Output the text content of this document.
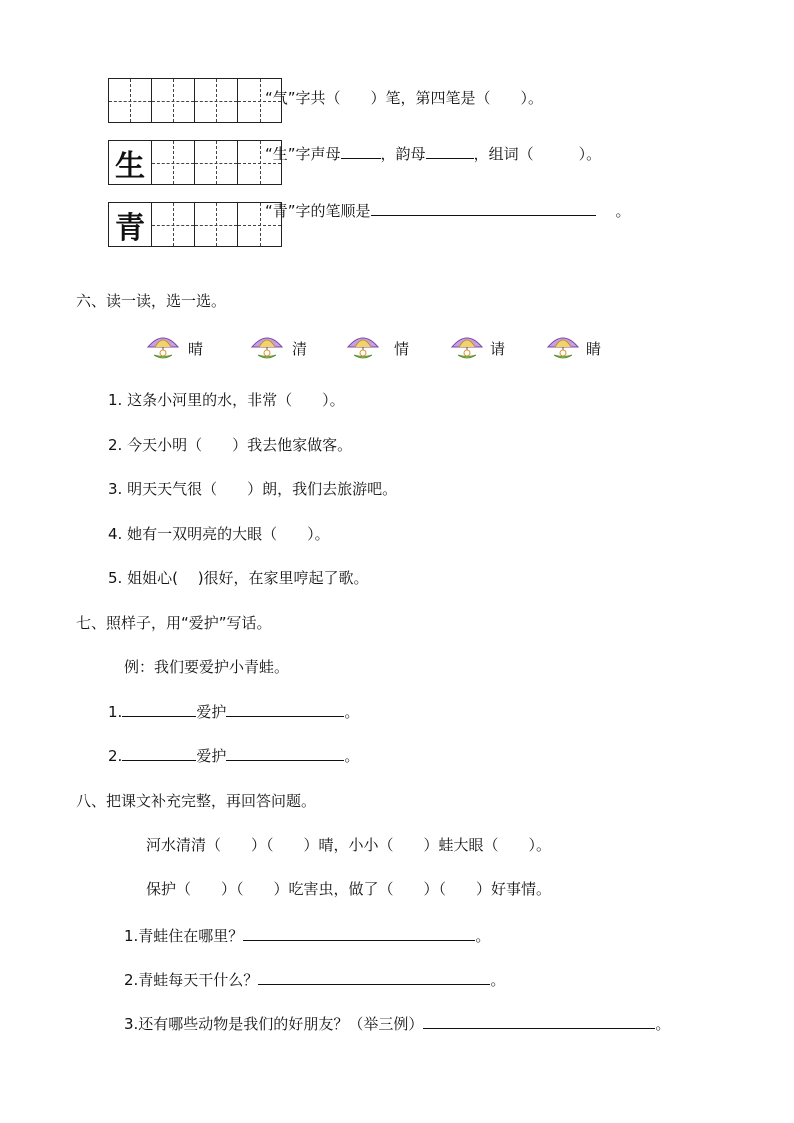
“气”字共（　　）笔，第四笔是（　　）。
生	“生”字声母	，韵母	，组词（　　　）。
青	“青”字的笔顺是	。
六、读一读，选一选。
晴	清	情	请	睛
1. 这条小河里的水，非常（　　）。
2. 今天小明（　　）我去他家做客。
3. 明天天气很（　　）朗，我们去旅游吧。
4. 她有一双明亮的大眼（　　）。
5. 姐姐心(　 )很好，在家里哼起了歌。
七、照样子，用“爱护”写话。
例：我们要爱护小青蛙。
1.	爱护	。
2.	爱护	。
八、把课文补充完整，再回答问题。
河水清清（　　）（　　）晴，小小（　　）蛙大眼（　　）。
保护（　　）（　　）吃害虫，做了（　　）（　　）好事情。
1.青蛙住在哪里？	。
2.青蛙每天干什么？	。
3.还有哪些动物是我们的好朋友？（举三例）	。
